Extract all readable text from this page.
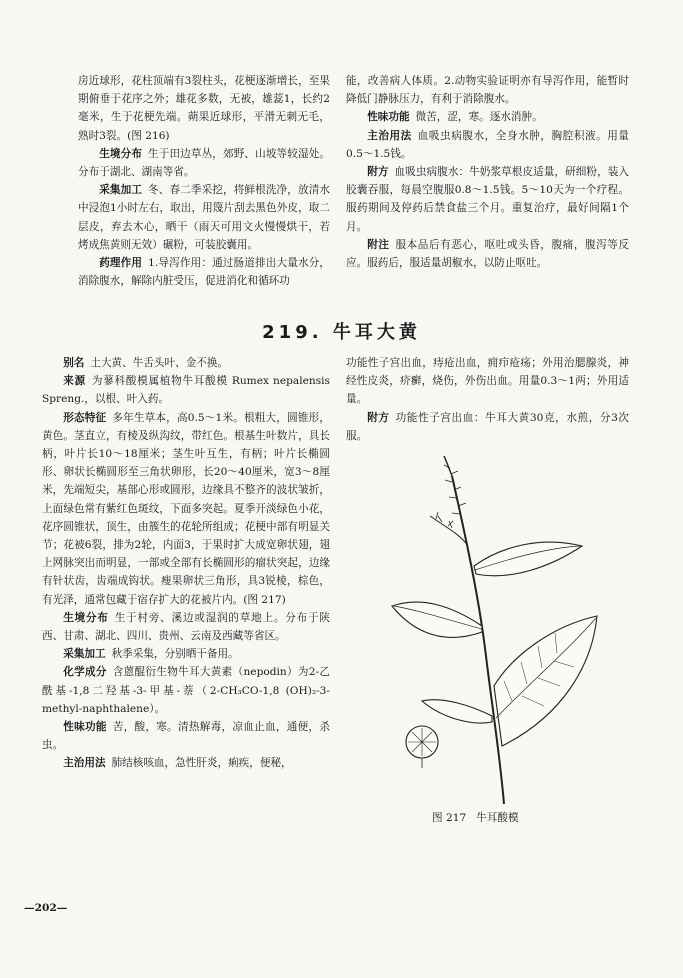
房近球形，花柱顶端有3裂柱头，花梗逐渐增长，至果期俯垂于花序之外；雄花多数，无被，雄蕊1，长约2毫米，生于花梗先端。蒴果近球形，平滑无刺无毛，熟时3裂。(图 216)

生境分布 生于田边草丛，郊野、山坡等较湿处。分布于湖北、湖南等省。

采集加工 冬、春二季采挖，将鲜根洗净，放清水中浸泡1小时左右，取出，用篾片刮去黑色外皮，取二层皮，弃去木心，晒干（雨天可用文火慢慢烘干，若烤成焦黄则无效）碾粉，可装胶囊用。

药理作用 1.导泻作用：通过肠道排出大量水分，消除腹水，解除内脏受压，促进消化和循环功

能，改善病人体质。2.动物实验证明亦有导泻作用，能暂时降低门静脉压力，有利于消除腹水。

性味功能 微苦，涩，寒。逐水消肿。

主治用法 血吸虫病腹水，全身水肿，胸腔积液。用量0.5～1.5钱。

附方 血吸虫病腹水：牛奶浆草根皮适量，研细粉，装入胶囊吞服，每晨空腹服0.8～1.5钱。5～10天为一个疗程。服药期间及停药后禁食盐三个月。重复治疗，最好间隔1个月。

附注 服本品后有恶心，呕吐或头昏，腹痛，腹泻等反应。服药后，服适量胡椒水，以防止呕吐。

219. 牛耳大黄

别名 土大黄、牛舌头叶、金不换。

来源 为蓼科酸模属植物牛耳酸模 Rumex nepalensis Spreng.，以根、叶入药。

形态特征 多年生草本，高0.5～1米。根粗大，圆锥形，黄色。茎直立，有棱及纵沟纹，带红色。根基生叶数片，具长柄，叶片长10～18厘米；茎生叶互生，有柄；叶片长椭圆形、卵状长椭圆形至三角状卵形，长20～40厘米，宽3～8厘米，先端短尖，基部心形或圆形，边缘具不整齐的波状皱折，上面绿色常有紫红色斑纹，下面多突起。夏季开淡绿色小花，花序圆锥状，顶生，由簇生的花轮所组成；花梗中部有明显关节；花被6裂，排为2轮，内面3，于果时扩大成宽卵状翅，翅上网脉突出而明显，一部或全部有长椭圆形的瘤状突起，边缘有针状齿，齿端成钩状。瘦果卵状三角形，具3锐棱，棕色，有光泽，通常包藏于宿存扩大的花被片内。(图 217)

生境分布 生于村旁、溪边或湿润的草地上。分布于陕西、甘肃、湖北、四川、贵州、云南及西藏等省区。

采集加工 秋季采集，分别晒干备用。

化学成分 含蒽醌衍生物牛耳大黄素（nepodin）为2-乙酰基-1,8二羟基-3-甲基-萘（2-CH₃CO-1,8 (OH)₂-3-methyl-naphthalene）。

性味功能 苦，酸，寒。清热解毒，凉血止血，通便，杀虫。

主治用法 肺结核咳血，急性肝炎，痢疾，便秘，

功能性子宫出血，痔疮出血，痈疖疮疡；外用治腮腺炎，神经性皮炎，疥癣，烧伤，外伤出血。用量0.3～1两；外用适量。

附方 功能性子宫出血：牛耳大黄30克，水煎，分3次服。

图 217 牛耳酸模
—202—
